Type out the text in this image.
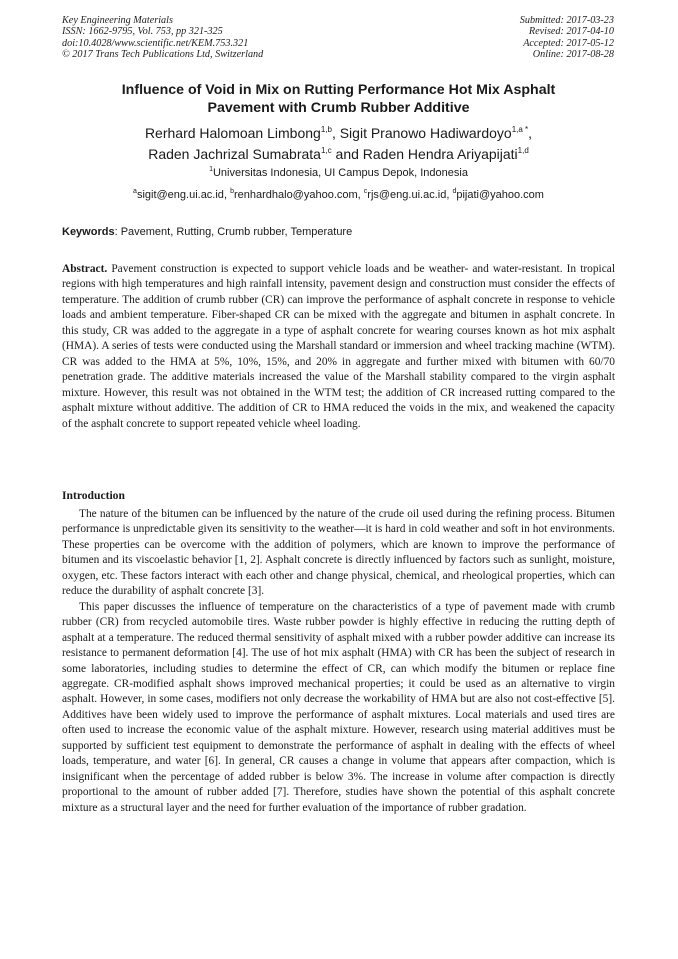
Key Engineering Materials
ISSN: 1662-9795, Vol. 753, pp 321-325
doi:10.4028/www.scientific.net/KEM.753.321
© 2017 Trans Tech Publications Ltd, Switzerland
Submitted: 2017-03-23
Revised: 2017-04-10
Accepted: 2017-05-12
Online: 2017-08-28
Influence of Void in Mix on Rutting Performance Hot Mix Asphalt
Pavement with Crumb Rubber Additive
Rerhard Halomoan Limbong$^{1,b}$, Sigit Pranowo Hadiwardoyo$^{1,a *}$,
Raden Jachrizal Sumabrata$^{1,c}$ and Raden Hendra Ariyapijati$^{1,d}$
$^1$Universitas Indonesia, UI Campus Depok, Indonesia
$^a$sigit@eng.ui.ac.id, $^b$renhardhalo@yahoo.com, $^c$rjs@eng.ui.ac.id, $^d$pijati@yahoo.com
Keywords: Pavement, Rutting, Crumb rubber, Temperature
Abstract. Pavement construction is expected to support vehicle loads and be weather- and water-resistant. In tropical regions with high temperatures and high rainfall intensity, pavement design and construction must consider the effects of temperature. The addition of crumb rubber (CR) can improve the performance of asphalt concrete in response to vehicle loads and ambient temperature. Fiber-shaped CR can be mixed with the aggregate and bitumen in asphalt concrete. In this study, CR was added to the aggregate in a type of asphalt concrete for wearing courses known as hot mix asphalt (HMA). A series of tests were conducted using the Marshall standard or immersion and wheel tracking machine (WTM). CR was added to the HMA at 5%, 10%, 15%, and 20% in aggregate and further mixed with bitumen with 60/70 penetration grade. The additive materials increased the value of the Marshall stability compared to the virgin asphalt mixture. However, this result was not obtained in the WTM test; the addition of CR increased rutting compared to the asphalt mixture without additive. The addition of CR to HMA reduced the voids in the mix, and weakened the capacity of the asphalt concrete to support repeated vehicle wheel loading.
Introduction

The nature of the bitumen can be influenced by the nature of the crude oil used during the refining process. Bitumen performance is unpredictable given its sensitivity to the weather—it is hard in cold weather and soft in hot environments. These properties can be overcome with the addition of polymers, which are known to improve the performance of bitumen and its viscoelastic behavior [1, 2]. Asphalt concrete is directly influenced by factors such as sunlight, moisture, oxygen, etc. These factors interact with each other and change physical, chemical, and rheological properties, which can reduce the durability of asphalt concrete [3].

This paper discusses the influence of temperature on the characteristics of a type of pavement made with crumb rubber (CR) from recycled automobile tires. Waste rubber powder is highly effective in reducing the rutting depth of asphalt at a temperature. The reduced thermal sensitivity of asphalt mixed with a rubber powder additive can increase its resistance to permanent deformation [4]. The use of hot mix asphalt (HMA) with CR has been the subject of research in some laboratories, including studies to determine the effect of CR, can which modify the bitumen or replace fine aggregate. CR-modified asphalt shows improved mechanical properties; it could be used as an alternative to virgin asphalt. However, in some cases, modifiers not only decrease the workability of HMA but are also not cost-effective [5]. Additives have been widely used to improve the performance of asphalt mixtures. Local materials and used tires are often used to increase the economic value of the asphalt mixture. However, research using material additives must be supported by sufficient test equipment to demonstrate the performance of asphalt in dealing with the effects of wheel loads, temperature, and water [6]. In general, CR causes a change in volume that appears after compaction, which is insignificant when the percentage of added rubber is below 3%. The increase in volume after compaction is directly proportional to the amount of rubber added [7]. Therefore, studies have shown the potential of this asphalt concrete mixture as a structural layer and the need for further evaluation of the importance of rubber gradation.
